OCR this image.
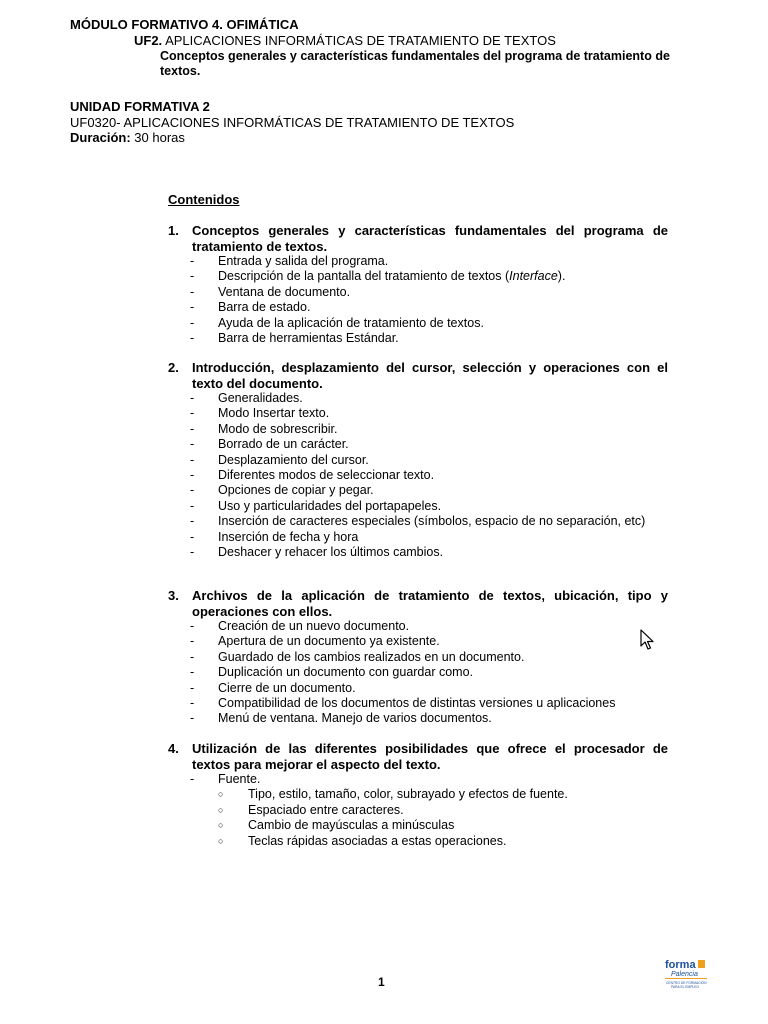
MÓDULO FORMATIVO 4. OFIMÁTICA
UF2. APLICACIONES INFORMÁTICAS DE TRATAMIENTO DE TEXTOS
Conceptos generales y características fundamentales del programa de tratamiento de textos.
UNIDAD FORMATIVA 2
UF0320- APLICACIONES INFORMÁTICAS DE TRATAMIENTO DE TEXTOS
Duración: 30 horas
Contenidos
1.	Conceptos generales y características fundamentales del programa de tratamiento de textos.
-	Entrada y salida del programa.
-	Descripción de la pantalla del tratamiento de textos (Interface).
-	Ventana de documento.
-	Barra de estado.
-	Ayuda de la aplicación de tratamiento de textos.
-	Barra de herramientas Estándar.
2.	Introducción, desplazamiento del cursor, selección y operaciones con el texto del documento.
-	Generalidades.
-	Modo Insertar texto.
-	Modo de sobrescribir.
-	Borrado de un carácter.
-	Desplazamiento del cursor.
-	Diferentes modos de seleccionar texto.
-	Opciones de copiar y pegar.
-	Uso y particularidades del portapapeles.
-	Inserción de caracteres especiales (símbolos, espacio de no separación, etc)
-	Inserción de fecha y hora
-	Deshacer y rehacer los últimos cambios.
3.	Archivos de la aplicación de tratamiento de textos, ubicación, tipo y operaciones con ellos.
-	Creación de un nuevo documento.
-	Apertura de un documento ya existente.
-	Guardado de los cambios realizados en un documento.
-	Duplicación un documento con guardar como.
-	Cierre de un documento.
-	Compatibilidad de los documentos de distintas versiones u aplicaciones
-	Menú de ventana. Manejo de varios documentos.
4.	Utilización de las diferentes posibilidades que ofrece el procesador de textos para mejorar el aspecto del texto.
-	Fuente.
○	Tipo, estilo, tamaño, color, subrayado y efectos de fuente.
○	Espaciado entre caracteres.
○	Cambio de mayúsculas a minúsculas
○	Teclas rápidas asociadas a estas operaciones.
1
forma
Palencia
CENTRO DE FORMACIÓN
PARA EL EMPLEO
